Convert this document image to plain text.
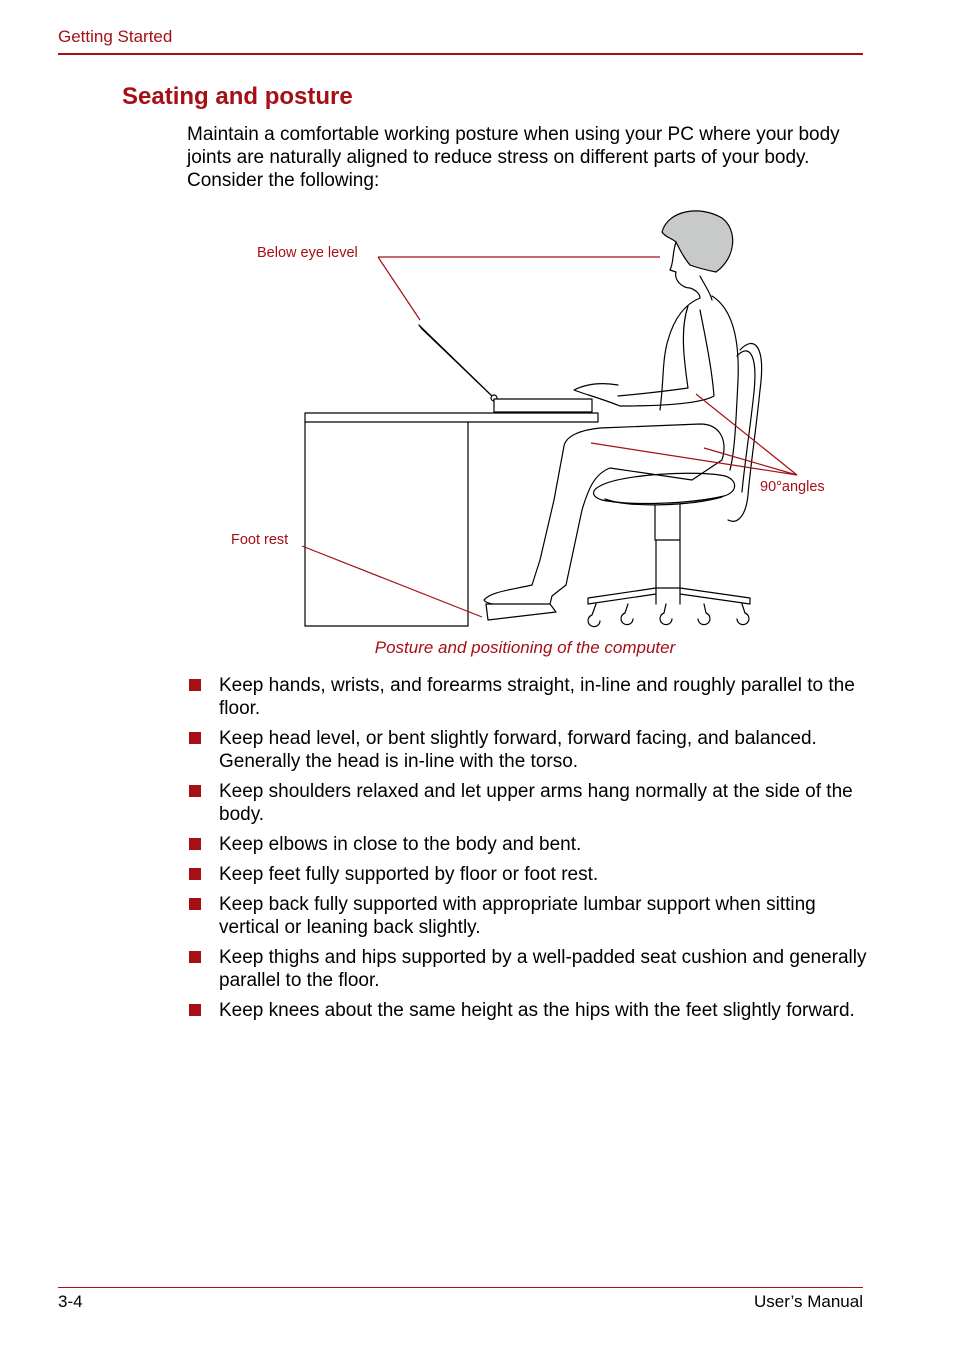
Getting Started
Seating and posture

Maintain a comfortable working posture when using your PC where your body joints are naturally aligned to reduce stress on different parts of your body. Consider the following:

Below eye level
90°angles
Foot rest
Posture and positioning of the computer
Keep hands, wrists, and forearms straight, in-line and roughly parallel to the floor.
Keep head level, or bent slightly forward, forward facing, and balanced. Generally the head is in-line with the torso.
Keep shoulders relaxed and let upper arms hang normally at the side of the body.
Keep elbows in close to the body and bent.
Keep feet fully supported by floor or foot rest.
Keep back fully supported with appropriate lumbar support when sitting vertical or leaning back slightly.
Keep thighs and hips supported by a well-padded seat cushion and generally parallel to the floor.
Keep knees about the same height as the hips with the feet slightly forward.
3-4	User’s Manual
